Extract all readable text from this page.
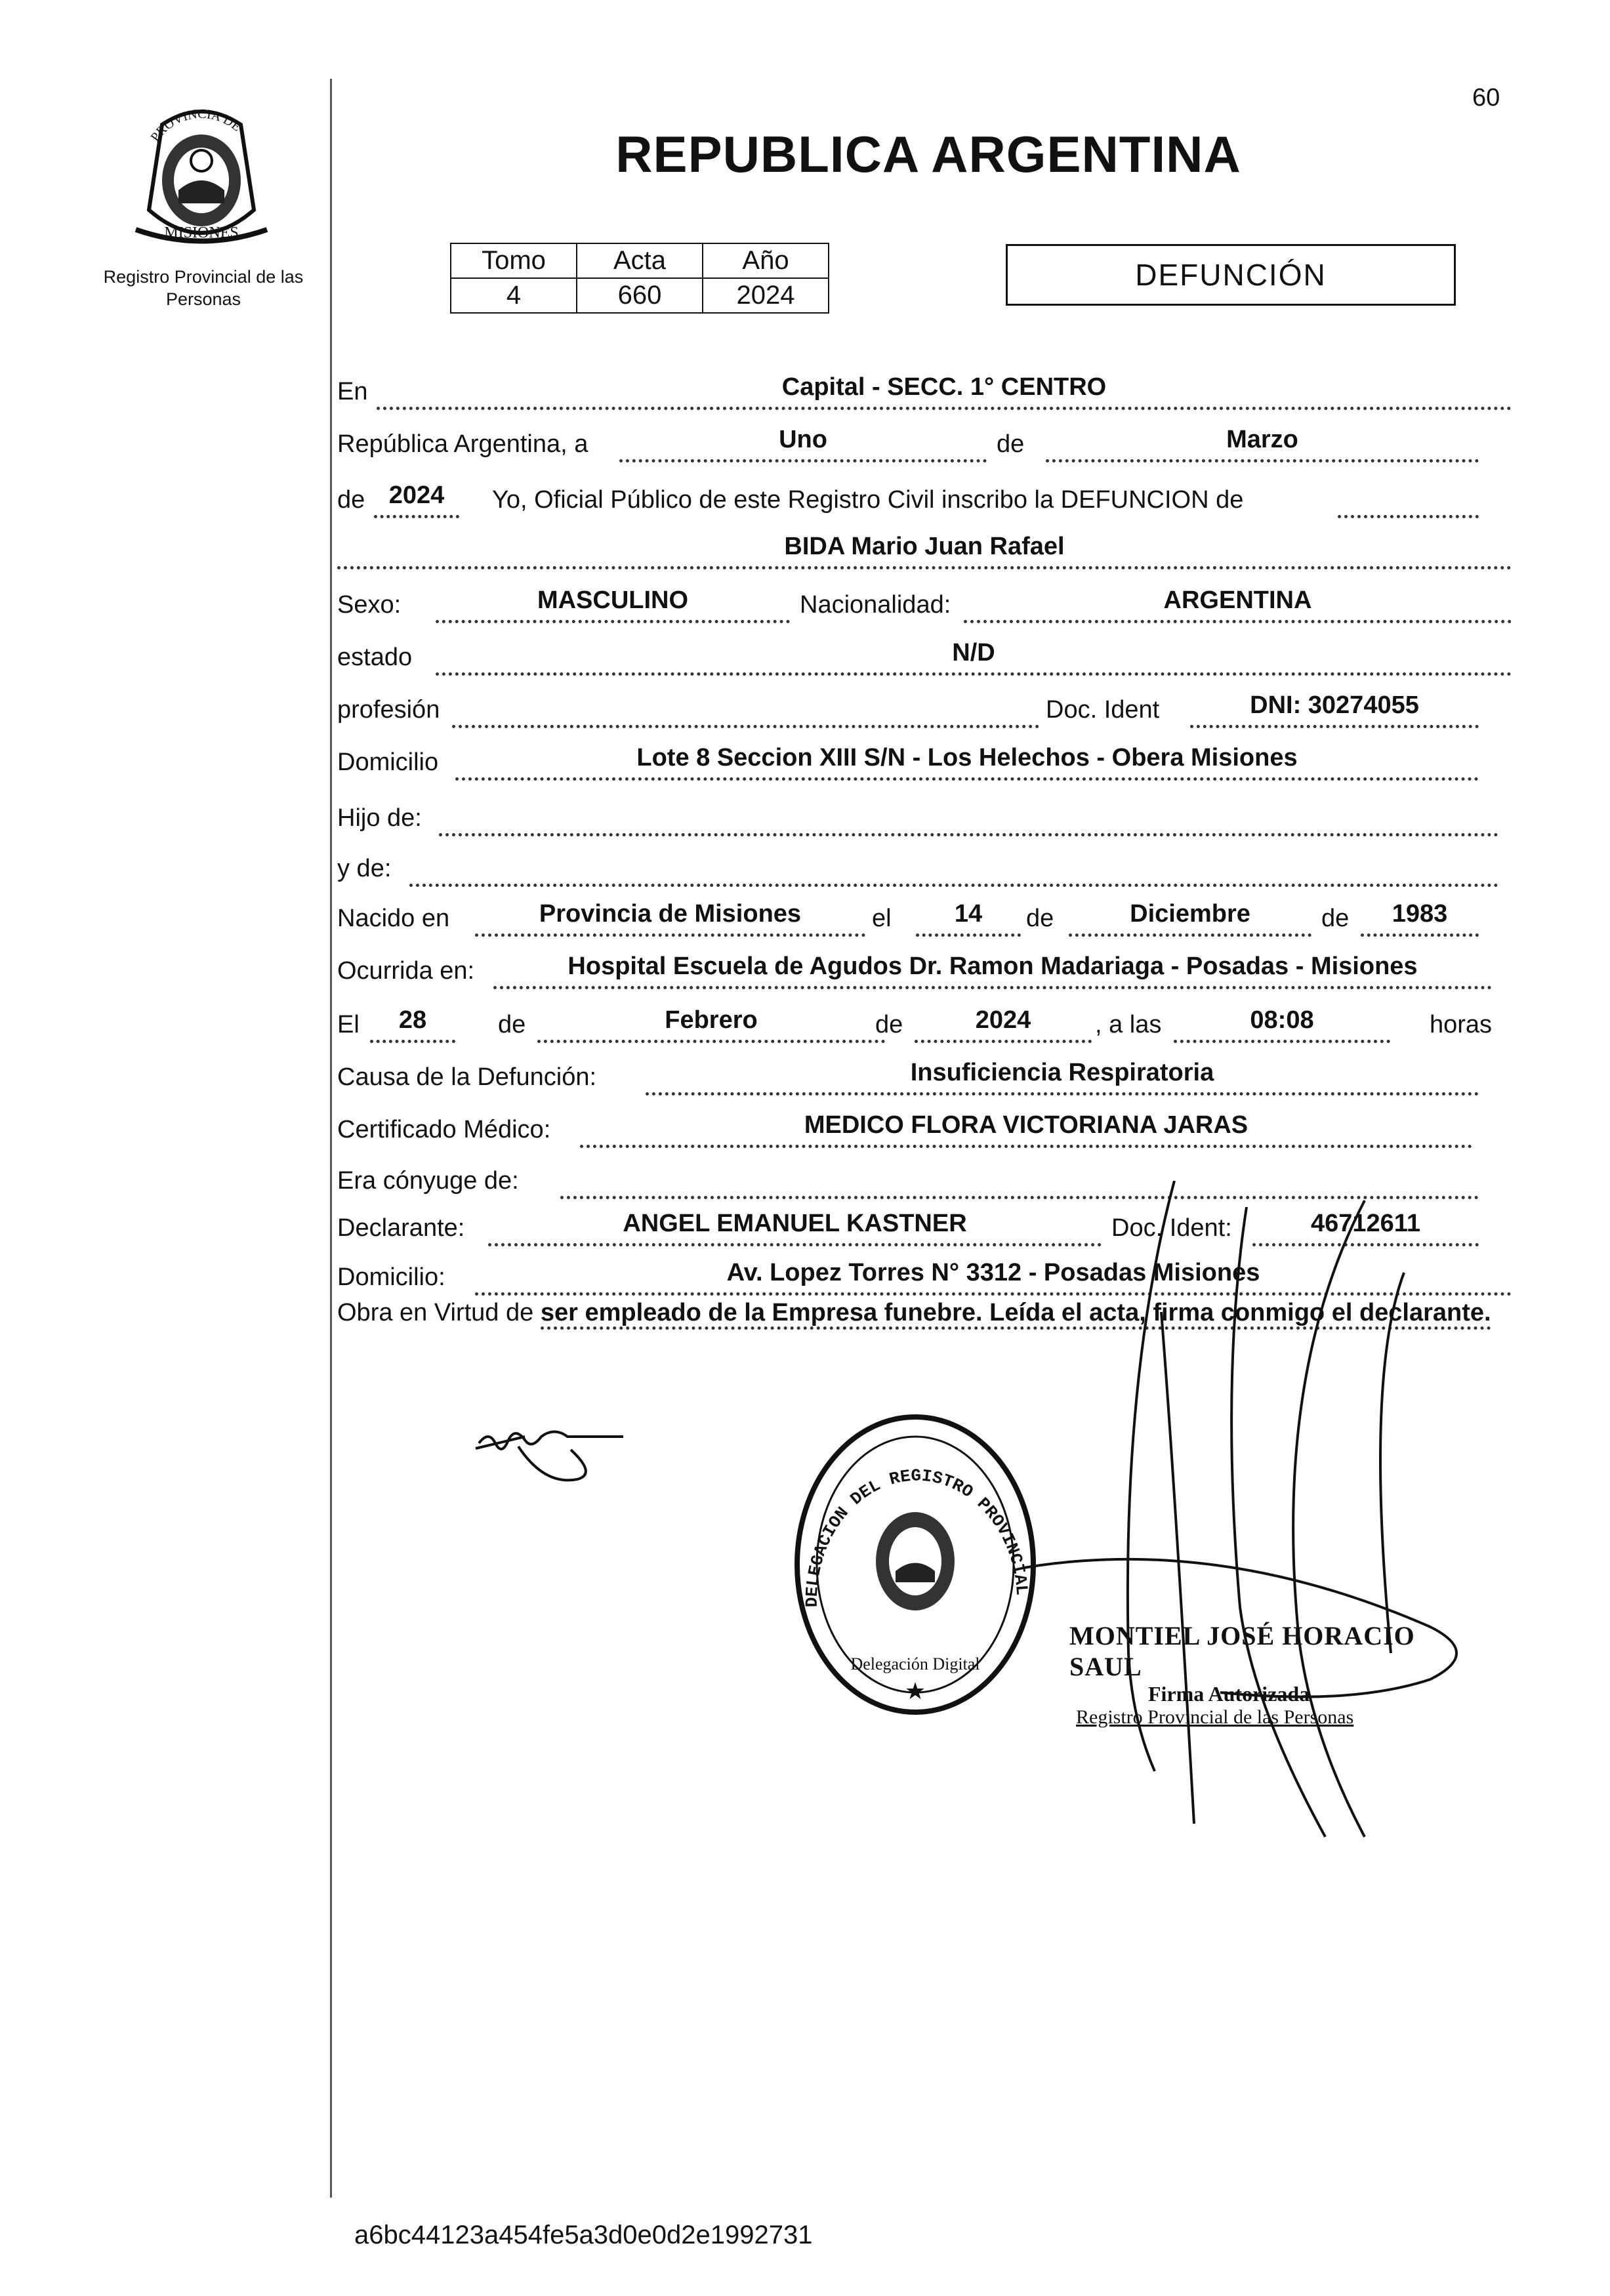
60
PROVINCIA DE
MISIONES
Registro Provincial de las Personas
REPUBLICA ARGENTINA
Tomo	Acta	Año
4	660	2024
DEFUNCIÓN
En	Capital - SECC. 1° CENTRO
República Argentina, a	Uno	de	Marzo
de 2024	Yo, Oficial Público de este Registro Civil inscribo la DEFUNCION de
BIDA Mario Juan Rafael
Sexo:	MASCULINO	Nacionalidad:	ARGENTINA
estado	N/D
profesión	Doc. Ident	DNI: 30274055
Domicilio	Lote 8 Seccion XIII S/N - Los Helechos - Obera Misiones
Hijo de:
y de:
Nacido en	Provincia de Misiones	el	14	de	Diciembre	de	1983
Ocurrida en:	Hospital Escuela de Agudos Dr. Ramon Madariaga - Posadas - Misiones
El	28	de	Febrero	de	2024	, a las	08:08	horas
Causa de la Defunción:	Insuficiencia Respiratoria
Certificado Médico:	MEDICO FLORA VICTORIANA JARAS
Era cónyuge de:
Declarante:	ANGEL EMANUEL KASTNER	Doc. Ident:	46712611
Domicilio:	Av. Lopez Torres N° 3312 - Posadas Misiones
Obra en Virtud de ser empleado de la Empresa funebre. Leída el acta, firma conmigo el declarante.
DELEGACION DEL REGISTRO PROVINCIAL
Delegación Digital
★
MONTIEL JOSÉ HORACIO SAUL
Firma Autorizada
Registro Provincial de las Personas
a6bc44123a454fe5a3d0e0d2e1992731
